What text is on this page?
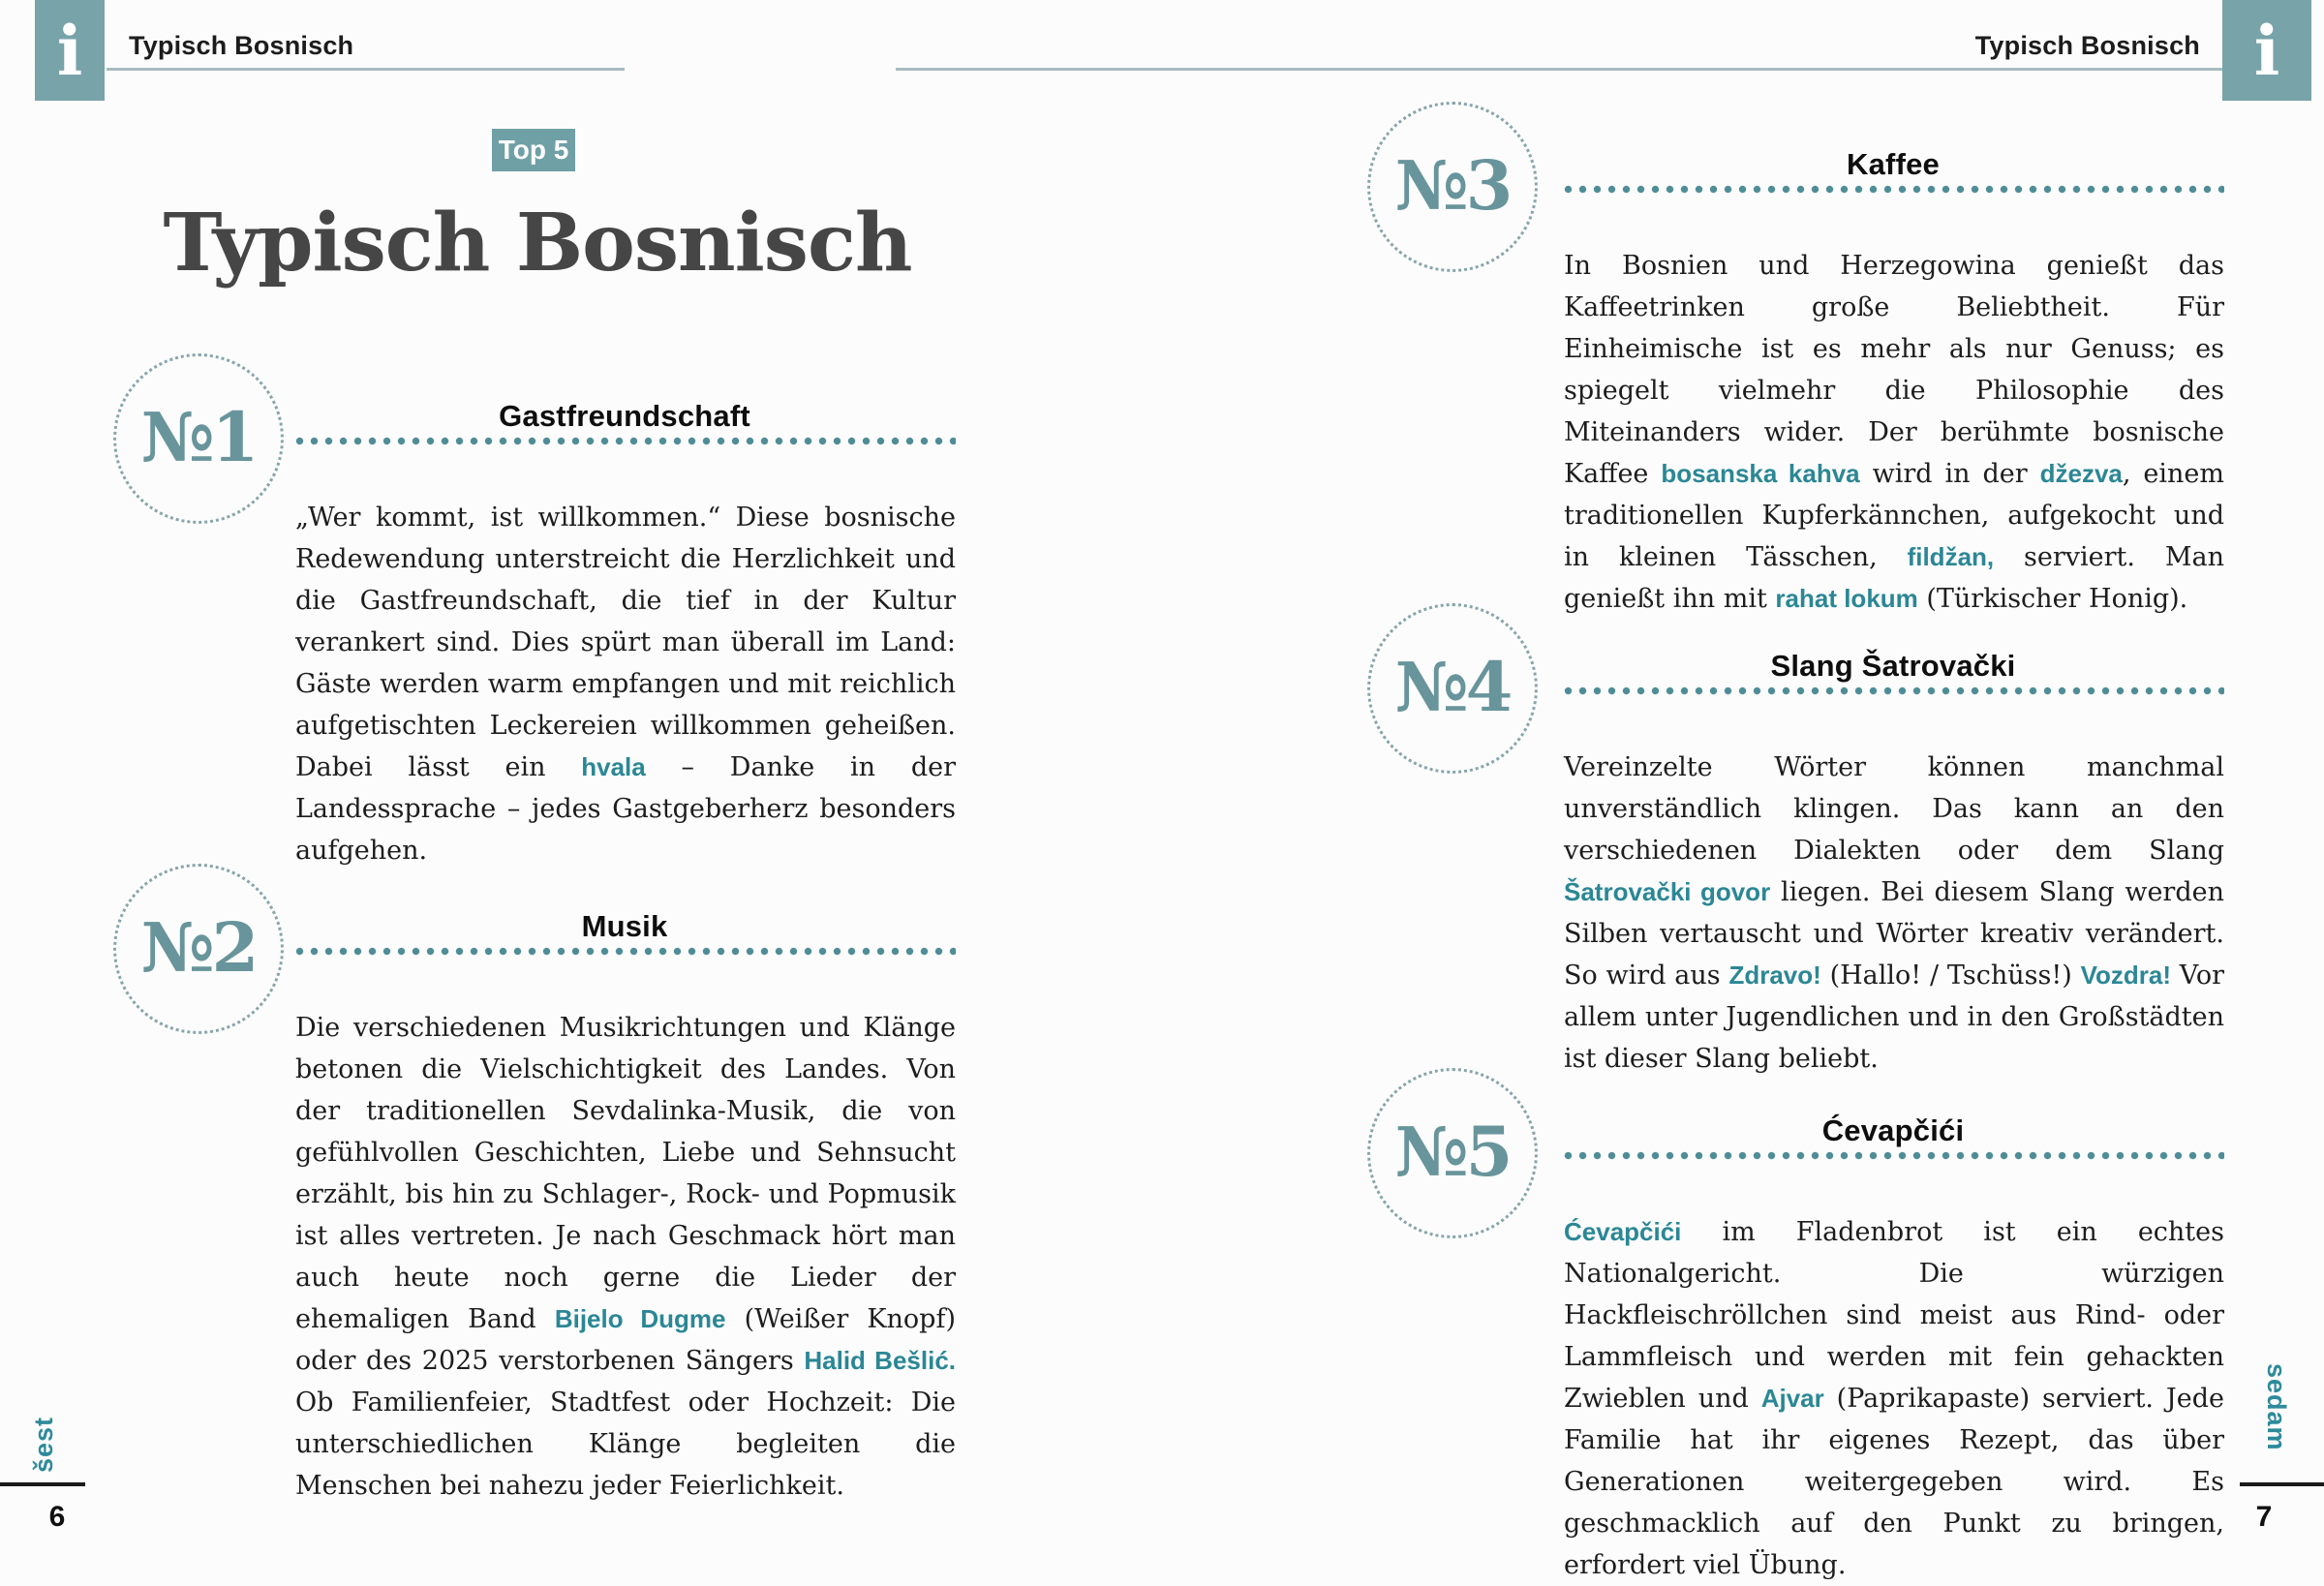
i	Typisch Bosnisch	Typisch Bosnisch i
Top 5
Typisch Bosnisch
№1	Gastfreundschaft
„Wer kommt, ist willkommen.“ Diese bosnische Redewendung unterstreicht die Herzlichkeit und die Gastfreundschaft, die tief in der Kultur verankert sind. Dies spürt man überall im Land: Gäste werden warm empfangen und mit reichlich aufgetischten Leckereien willkommen geheißen. Dabei lässt ein hvala – Danke in der Landessprache – jedes Gastgeberherz besonders aufgehen.
№2	Musik
Die verschiedenen Musikrichtungen und Klänge betonen die Vielschichtigkeit des Landes. Von der traditionellen Sevdalinka-Musik, die von gefühlvollen Geschichten, Liebe und Sehnsucht erzählt, bis hin zu Schlager-, Rock- und Popmusik ist alles vertreten. Je nach Geschmack hört man auch heute noch gerne die Lieder der ehemaligen Band Bijelo Dugme (Weißer Knopf) oder des 2025 verstorbenen Sängers Halid Bešlić. Ob Familienfeier, Stadtfest oder Hochzeit: Die unterschiedlichen Klänge begleiten die Menschen bei nahezu jeder Feierlichkeit.
№3	Kaffee
In Bosnien und Herzegowina genießt das Kaffeetrinken große Beliebtheit. Für Einheimische ist es mehr als nur Genuss; es spiegelt vielmehr die Philosophie des Miteinanders wider. Der berühmte bosnische Kaffee bosanska kahva wird in der džezva, einem traditionellen Kupferkännchen, aufgekocht und in kleinen Tässchen, fildžan, serviert. Man genießt ihn mit rahat lokum (Türkischer Honig).
№4	Slang Šatrovački
Vereinzelte Wörter können manchmal unverständlich klingen. Das kann an den verschiedenen Dialekten oder dem Slang Šatrovački govor liegen. Bei diesem Slang werden Silben vertauscht und Wörter kreativ verändert. So wird aus Zdravo! (Hallo! / Tschüss!) Vozdra! Vor allem unter Jugendlichen und in den Großstädten ist dieser Slang beliebt.
№5	Ćevapčići
Ćevapčići im Fladenbrot ist ein echtes Nationalgericht. Die würzigen Hackfleischröllchen sind meist aus Rind- oder Lammfleisch und werden mit fein gehackten Zwieblen und Ajvar (Paprikapaste) serviert. Jede Familie hat ihr eigenes Rezept, das über Generationen weitergegeben wird. Es geschmacklich auf den Punkt zu bringen, erfordert viel Übung.
šest
6
sedam
7
